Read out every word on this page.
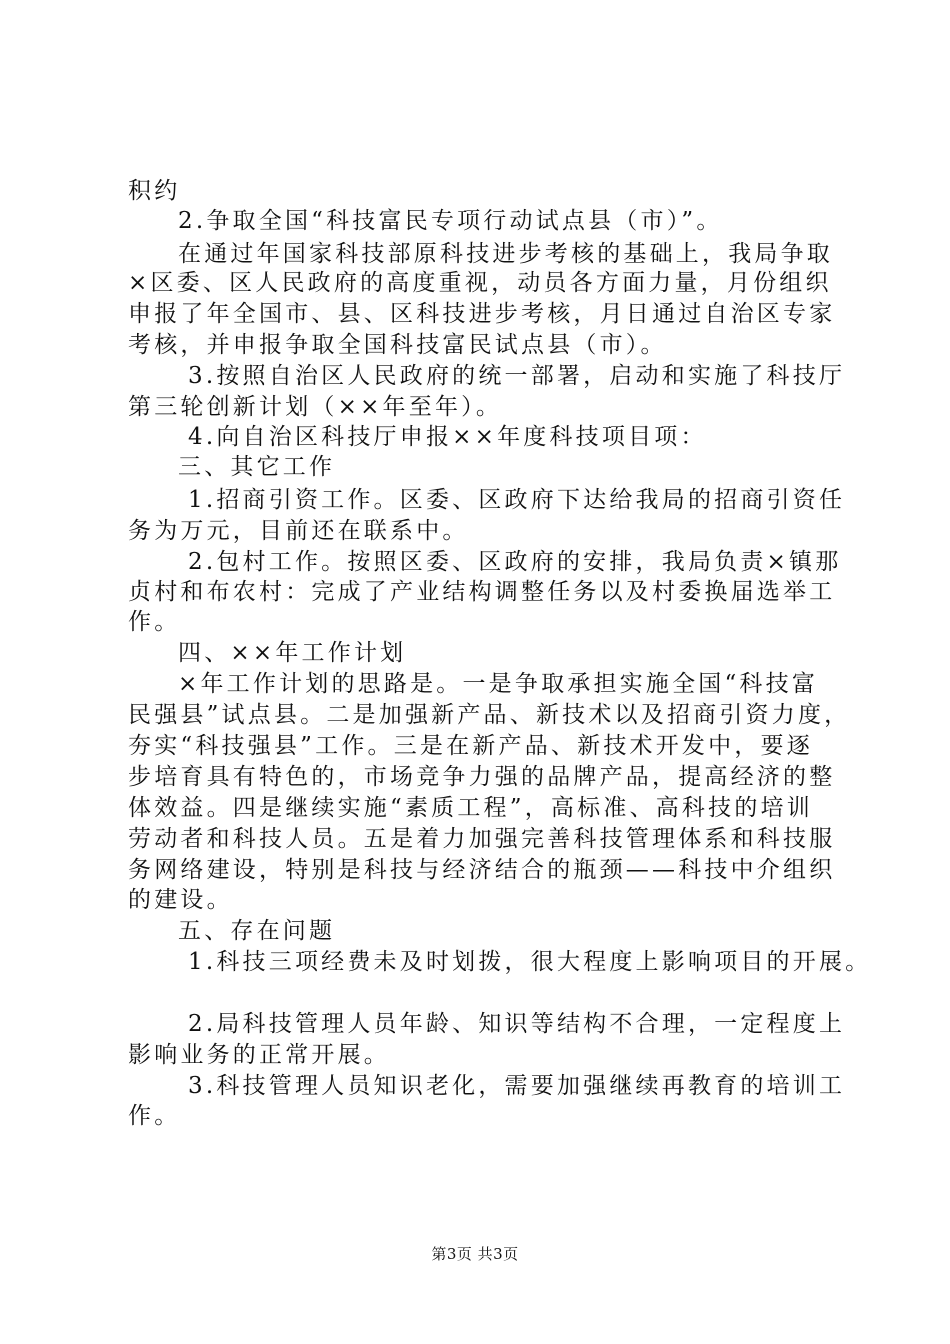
积约
2.争取全国“科技富民专项行动试点县（市）”。
在通过年国家科技部原科技进步考核的基础上，我局争取
×区委、区人民政府的高度重视，动员各方面力量，月份组织
申报了年全国市、县、区科技进步考核，月日通过自治区专家
考核，并申报争取全国科技富民试点县（市）。
3.按照自治区人民政府的统一部署，启动和实施了科技厅
第三轮创新计划（××年至年）。
4.向自治区科技厅申报××年度科技项目项：
三、其它工作
1.招商引资工作。区委、区政府下达给我局的招商引资任
务为万元，目前还在联系中。
2.包村工作。按照区委、区政府的安排，我局负责×镇那
贞村和布农村：完成了产业结构调整任务以及村委换届选举工
作。
四、××年工作计划
×年工作计划的思路是。一是争取承担实施全国“科技富
民强县”试点县。二是加强新产品、新技术以及招商引资力度，
夯实“科技强县”工作。三是在新产品、新技术开发中，要逐
步培育具有特色的，市场竞争力强的品牌产品，提高经济的整
体效益。四是继续实施“素质工程”，高标准、高科技的培训
劳动者和科技人员。五是着力加强完善科技管理体系和科技服
务网络建设，特别是科技与经济结合的瓶颈——科技中介组织
的建设。
五、存在问题
1.科技三项经费未及时划拨，很大程度上影响项目的开展。
2.局科技管理人员年龄、知识等结构不合理，一定程度上
影响业务的正常开展。
3.科技管理人员知识老化，需要加强继续再教育的培训工
作。
第3页 共3页
